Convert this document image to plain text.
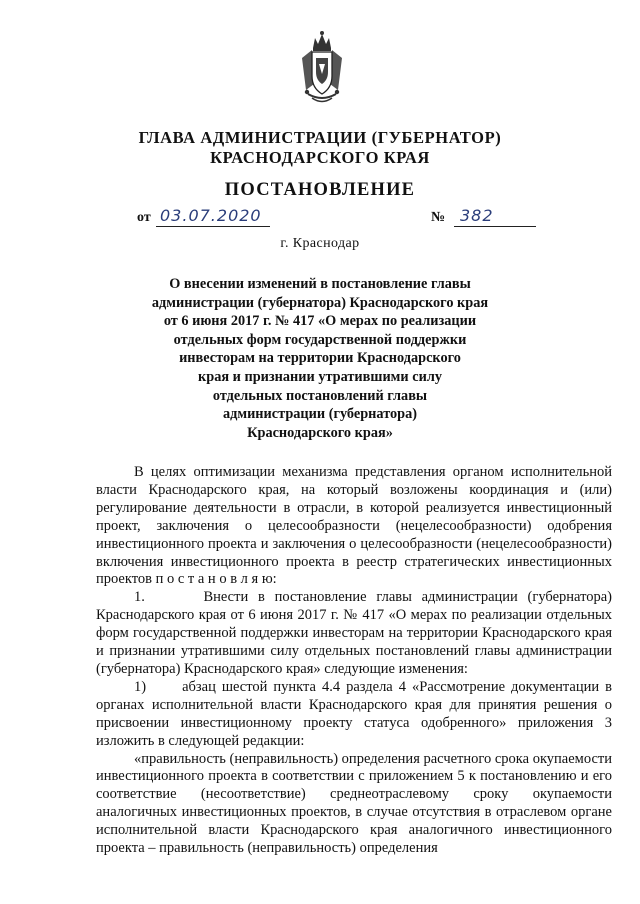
ГЛАВА АДМИНИСТРАЦИИ (ГУБЕРНАТОР)
КРАСНОДАРСКОГО КРАЯ
ПОСТАНОВЛЕНИЕ
от 03.07.2020	№ 382
г. Краснодар
О внесении изменений в постановление главы
администрации (губернатора) Краснодарского края
от 6 июня 2017 г. № 417 «О мерах по реализации
отдельных форм государственной поддержки
инвесторам на территории Краснодарского
края и признании утратившими силу
отдельных постановлений главы
администрации (губернатора)
Краснодарского края»

В целях оптимизации механизма представления органом исполнительной власти Краснодарского края, на который возложены координация и (или) регулирование деятельности в отрасли, в которой реализуется инвестиционный проект, заключения о целесообразности (нецелесообразности) одобрения инвестиционного проекта и заключения о целесообразности (нецелесообразности) включения инвестиционного проекта в реестр стратегических инвестиционных проектов п о с т а н о в л я ю:

1.      Внести в постановление главы администрации (губернатора) Краснодарского края от 6 июня 2017 г. № 417 «О мерах по реализации отдельных форм государственной поддержки инвесторам на территории Краснодарского края и признании утратившими силу отдельных постановлений главы администрации (губернатора) Краснодарского края» следующие изменения:

1)      абзац шестой пункта 4.4 раздела 4 «Рассмотрение документации в органах исполнительной власти Краснодарского края для принятия решения о присвоении инвестиционному проекту статуса одобренного» приложения 3 изложить в следующей редакции:

«правильность (неправильность) определения расчетного срока окупаемости инвестиционного проекта в соответствии с приложением 5 к постановлению и его соответствие (несоответствие) среднеотраслевому сроку окупаемости аналогичных инвестиционных проектов, в случае отсутствия в отраслевом органе исполнительной власти Краснодарского края аналогичного инвестиционного проекта – правильность (неправильность) определения
